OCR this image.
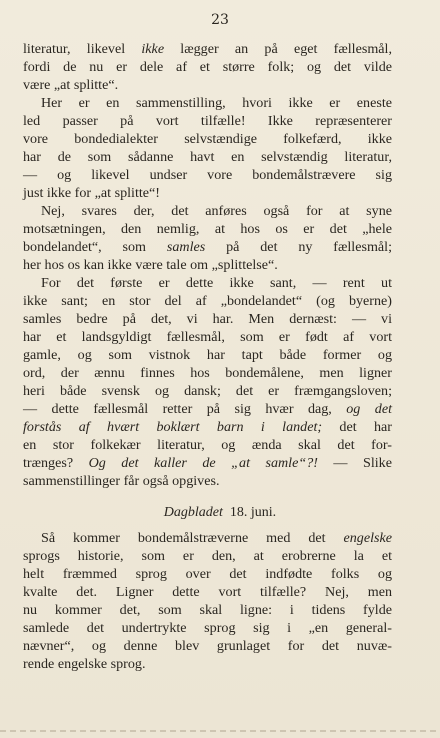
23
literatur, likevel ikke lægger an på eget fællesmål,
fordi de nu er dele af et større folk; og det vilde
være „at splitte“.
Her er en sammenstilling, hvori ikke er eneste
led passer på vort tilfælle! Ikke repræsenterer
vore bondedialekter selvstændige folkefærd, ikke
har de som sådanne havt en selvstændig literatur,
— og likevel undser vore bondemålstrævere sig
just ikke for „at splitte“!
Nej, svares der, det anføres også for at syne
motsætningen, den nemlig, at hos os er det „hele
bondelandet“, som samles på det ny fællesmål;
her hos os kan ikke være tale om „splittelse“.
For det første er dette ikke sant, — rent ut
ikke sant; en stor del af „bondelandet“ (og byerne)
samles bedre på det, vi har. Men dernæst: — vi
har et landsgyldigt fællesmål, som er født af vort
gamle, og som vistnok har tapt både former og
ord, der ænnu finnes hos bondemålene, men ligner
heri både svensk og dansk; det er fræmgangsloven;
— dette fællesmål retter på sig hvær dag, og det
forstås af hvært boklært barn i landet; det har
en stor folkekær literatur, og ænda skal det for-
trænges? Og det kaller de „at samle“?! — Slike
sammenstillinger får også opgives.
Dagbladet 18. juni.
Så kommer bondemålstræverne med det engelske
sprogs historie, som er den, at erobrerne la et
helt fræmmed sprog over det indfødte folks og
kvalte det. Ligner dette vort tilfælle? Nej, men
nu kommer det, som skal ligne: i tidens fylde
samlede det undertrykte sprog sig i „en general-
nævner“, og denne blev grunlaget for det nuvæ-
rende engelske sprog.
